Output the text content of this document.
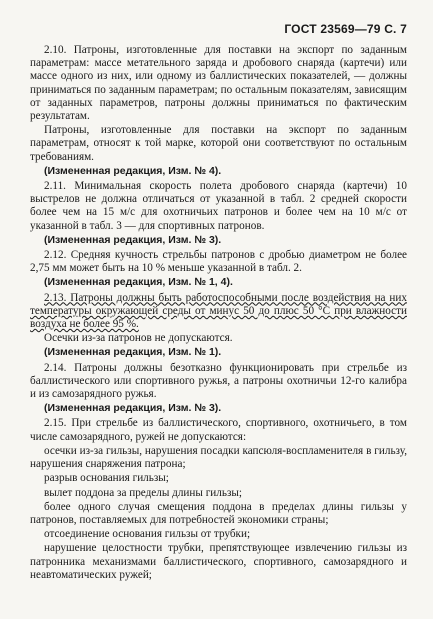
ГОСТ 23569—79 С. 7
2.10. Патроны, изготовленные для поставки на экспорт по заданным параметрам: массе метательного заряда и дробового снаряда (картечи) или массе одного из них, или одному из баллистических показателей, — должны приниматься по заданным параметрам; по остальным показателям, зависящим от заданных параметров, патроны должны приниматься по фактическим результатам.
Патроны, изготовленные для поставки на экспорт по заданным параметрам, относят к той марке, которой они соответствуют по остальным требованиям.
(Измененная редакция, Изм. № 4).
2.11. Минимальная скорость полета дробового снаряда (картечи) 10 выстрелов не должна отличаться от указанной в табл. 2 средней скорости более чем на 15 м/с для охотничьих патронов и более чем на 10 м/с от указанной в табл. 3 — для спортивных патронов.
(Измененная редакция, Изм. № 3).
2.12. Средняя кучность стрельбы патронов с дробью диаметром не более 2,75 мм может быть на 10 % меньше указанной в табл. 2.
(Измененная редакция, Изм. № 1, 4).
2.13. Патроны должны быть работоспособными после воздействия на них температуры окружающей среды от минус 50 до плюс 50 °С при влажности воздуха не более 95 %.
Осечки из-за патронов не допускаются.
(Измененная редакция, Изм. № 1).
2.14. Патроны должны безотказно функционировать при стрельбе из баллистического или спортивного ружья, а патроны охотничьи 12-го калибра и из самозарядного ружья.
(Измененная редакция, Изм. № 3).
2.15. При стрельбе из баллистического, спортивного, охотничьего, в том числе самозарядного, ружей не допускаются:
осечки из-за гильзы, нарушения посадки капсюля-воспламенителя в гильзу, нарушения снаряжения патрона;
разрыв основания гильзы;
вылет поддона за пределы длины гильзы;
более одного случая смещения поддона в пределах длины гильзы у патронов, поставляемых для потребностей экономики страны;
отсоединение основания гильзы от трубки;
нарушение целостности трубки, препятствующее извлечению гильзы из патронника механизмами баллистического, спортивного, самозарядного и неавтоматических ружей;
